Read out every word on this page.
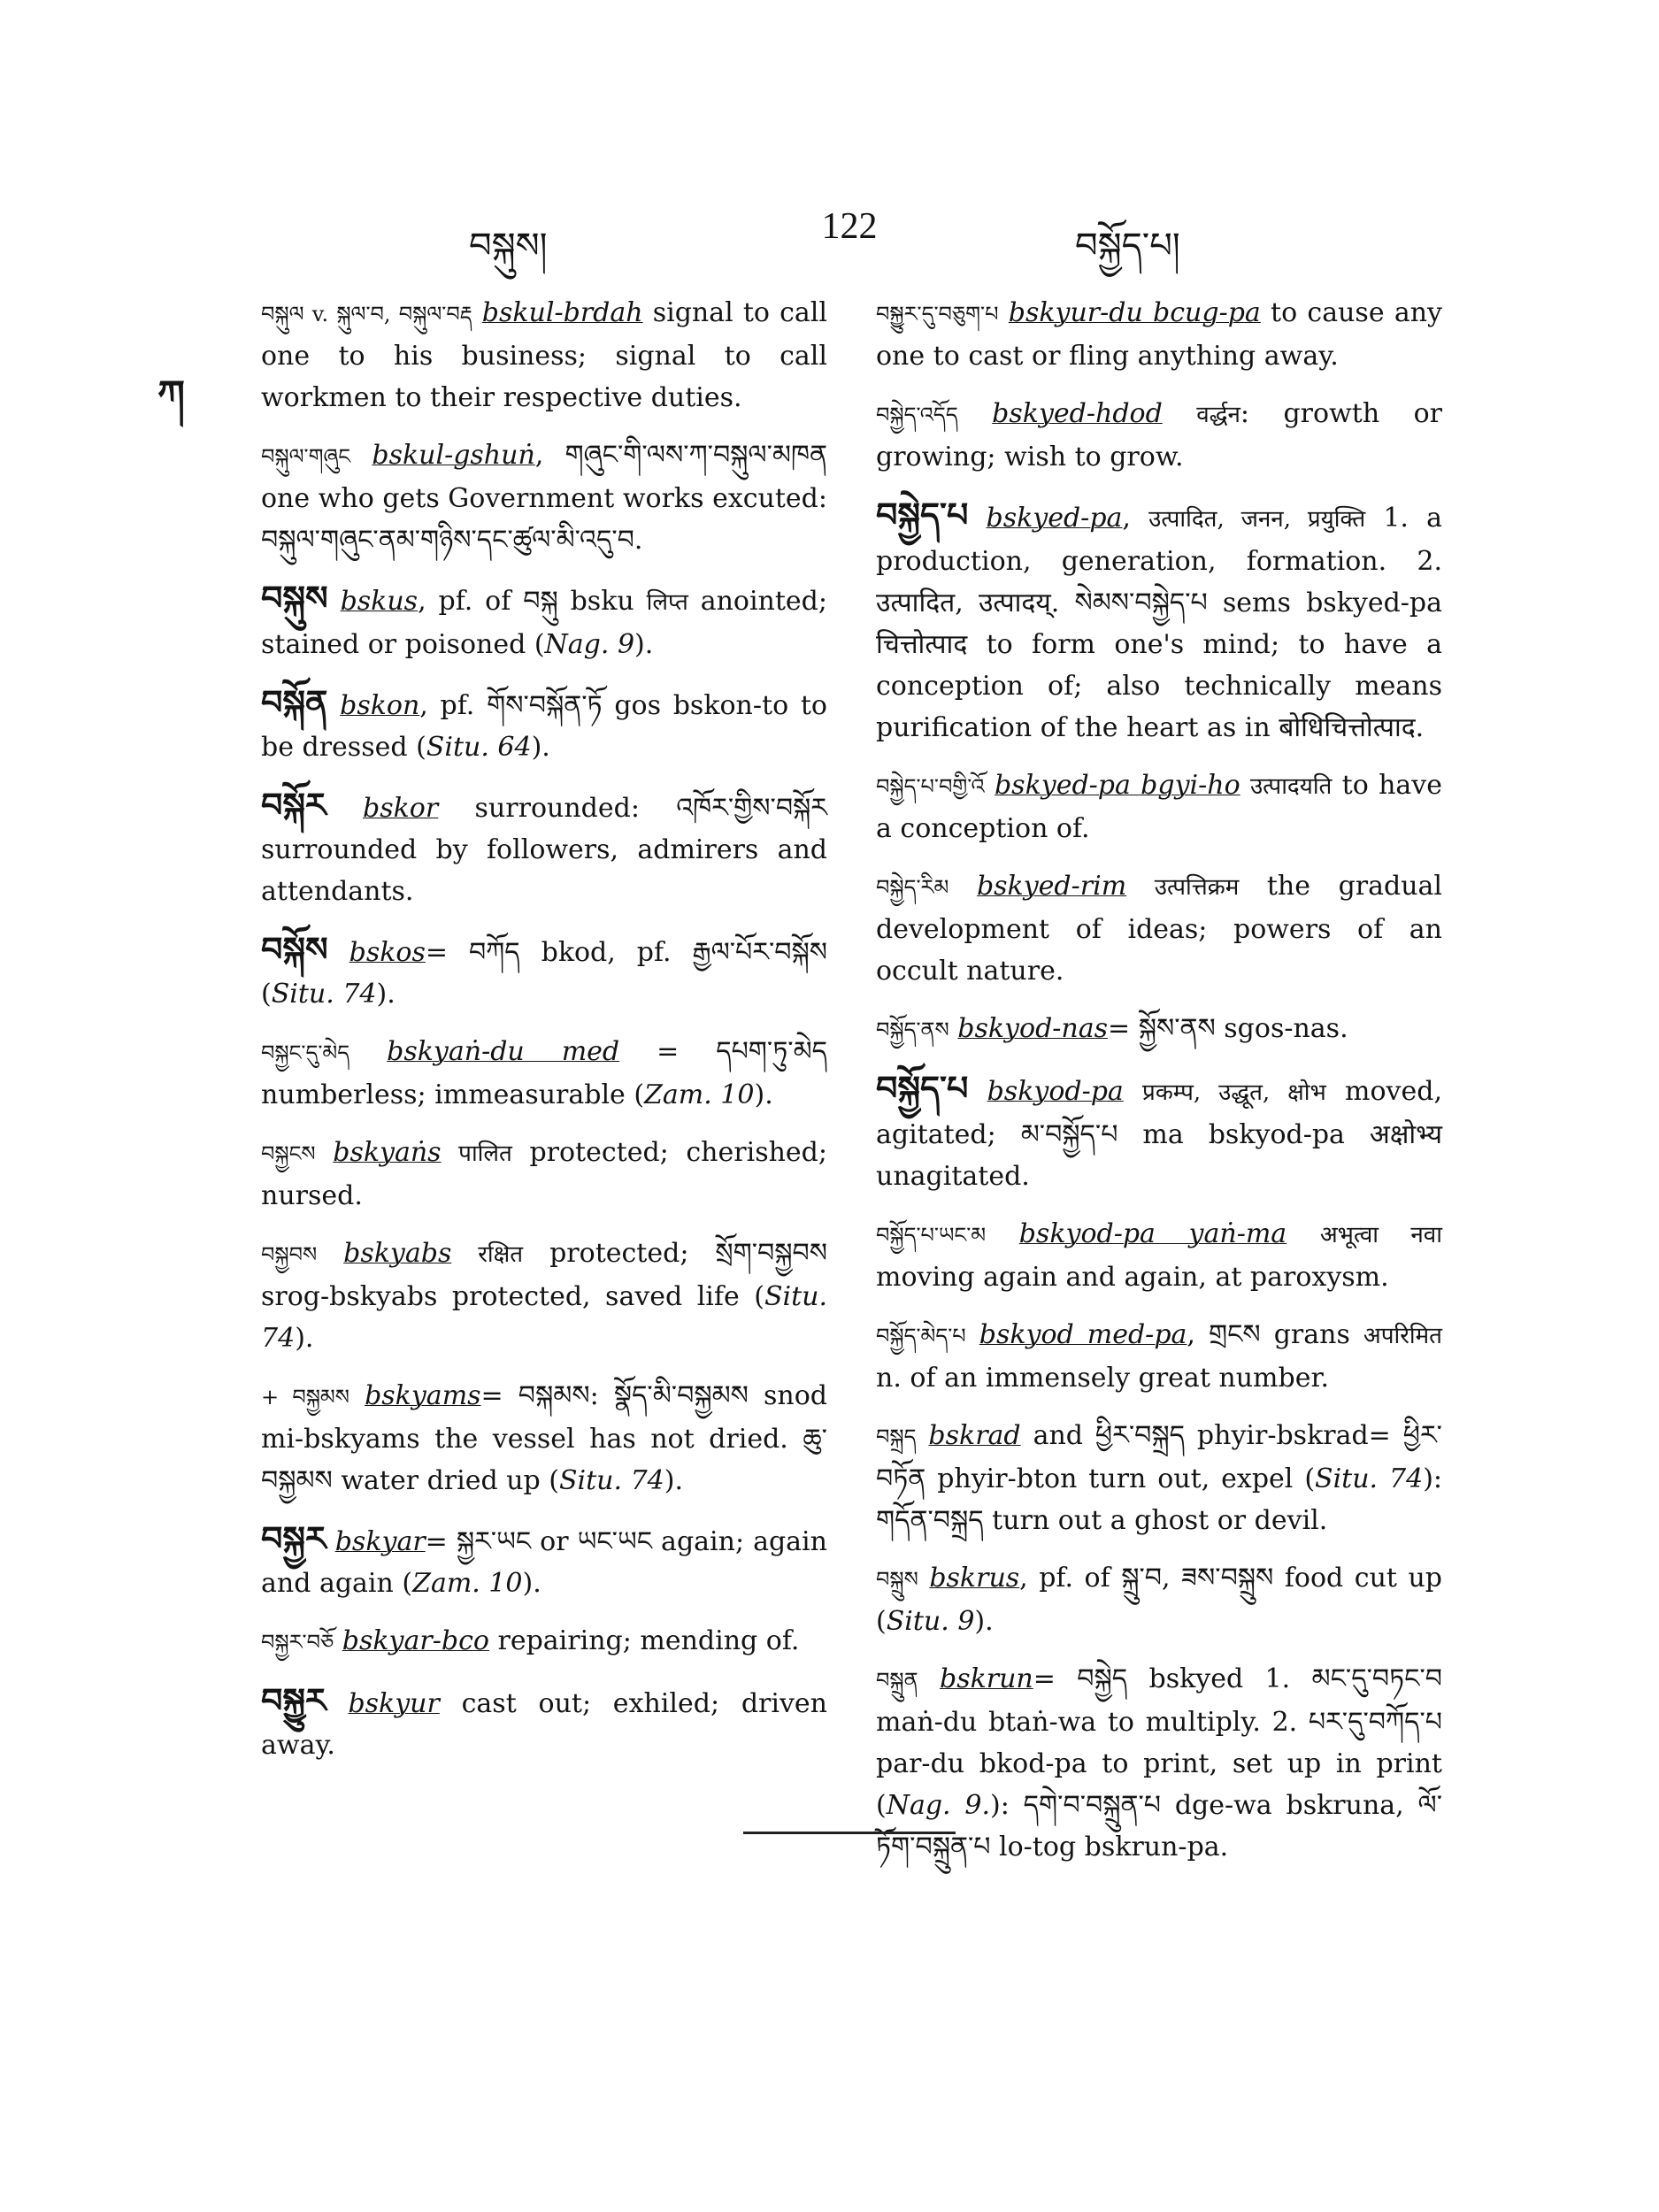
བསྐུས།	122	བསྐྱོད་པ།
ཀ

བསྐུལ v. སྐུལ་བ, བསྐུལ་བརྡ bskul-brdah signal to call one to his business; signal to call workmen to their respective duties.

བསྐུལ་གཞུང bskul-gshuṅ, གཞུང་གི་ལས་ཀ་བསྐུལ་མཁན one who gets Government works excuted: བསྐུལ་གཞུང་ནམ་གཉིས་དང་ཚུལ་མི་འདུ་བ.

བསྐུས bskus, pf. of བསྐུ bsku लिप्त anointed; stained or poisoned (Nag. 9).

བསྐོན bskon, pf. གོས་བསྐོན་ཏོ gos bskon-to to be dressed (Situ. 64).

བསྐོར bskor surrounded: འཁོར་གྱིས་བསྐོར surrounded by followers, admirers and attendants.

བསྐོས bskos= བཀོད bkod, pf. རྒྱལ་པོར་བསྐོས (Situ. 74).

བསྐྱང་དུ་མེད bskyaṅ-du med = དཔག་ཏུ་མེད numberless; immeasurable (Zam. 10).

བསྐྱངས bskyaṅs पालित protected; cherished; nursed.

བསྐྱབས bskyabs रक्षित protected; སྲོག་བསྐྱབས srog-bskyabs protected, saved life (Situ. 74).

+ བསྐྱམས bskyams= བསྐམས: སྣོད་མི་བསྐྱམས snod mi-bskyams the vessel has not dried. ཆུ་བསྐྱམས water dried up (Situ. 74).

བསྐྱར bskyar= སྐྱར་ཡང or ཡང་ཡང again; again and again (Zam. 10).

བསྐྱར་བཅོ bskyar-bco repairing; mending of.

བསྐྱུར bskyur cast out; exhiled; driven away.

བསྐྱུར་དུ་བཅུག་པ bskyur-du bcug-pa to cause any one to cast or fling anything away.

བསྐྱེད་འདོད bskyed-hdod वर्द्धन: growth or growing; wish to grow.

བསྐྱེད་པ bskyed-pa, उत्पादित, जनन, प्रयुक्ति 1. a production, generation, formation. 2. उत्पादित, उत्पादय्. སེམས་བསྐྱེད་པ sems bskyed-pa चित्तोत्पाद to form one's mind; to have a conception of; also technically means purification of the heart as in बोधिचित्तोत्पाद.

བསྐྱེད་པ་བགྱི་འོ bskyed-pa bgyi-ho उत्पादयति to have a conception of.

བསྐྱེད་རིམ bskyed-rim उत्पत्तिक्रम the gradual development of ideas; powers of an occult nature.

བསྐྱོད་ནས bskyod-nas= སྐྱོས་ནས sgos-nas.

བསྐྱོད་པ bskyod-pa प्रकम्प, उद्धूत, क्षोभ moved, agitated; མ་བསྐྱོད་པ ma bskyod-pa अक्षोभ्य unagitated.

བསྐྱོད་པ་ཡང་མ bskyod-pa yaṅ-ma अभूत्वा नवा moving again and again, at paroxysm.

བསྐྱོད་མེད་པ bskyod med-pa, གྲངས grans अपरिमित n. of an immensely great number.

བསྐྲད bskrad and ཕྱིར་བསྐྲད phyir-bskrad= ཕྱིར་བཏོན phyir-bton turn out, expel (Situ. 74): གདོན་བསྐྲད turn out a ghost or devil.

བསྐྲུས bskrus, pf. of སྐྲུ་བ, ཟས་བསྐྲུས food cut up (Situ. 9).

བསྐྲུན bskrun= བསྐྱེད bskyed 1. མང་དུ་བཏང་བ maṅ-du btaṅ-wa to multiply. 2. པར་དུ་བཀོད་པ par-du bkod-pa to print, set up in print (Nag. 9.): དགེ་བ་བསྐྲུན་པ dge-wa bskruna, ལོ་ཏོག་བསྐྲུན་པ lo-tog bskrun-pa.
